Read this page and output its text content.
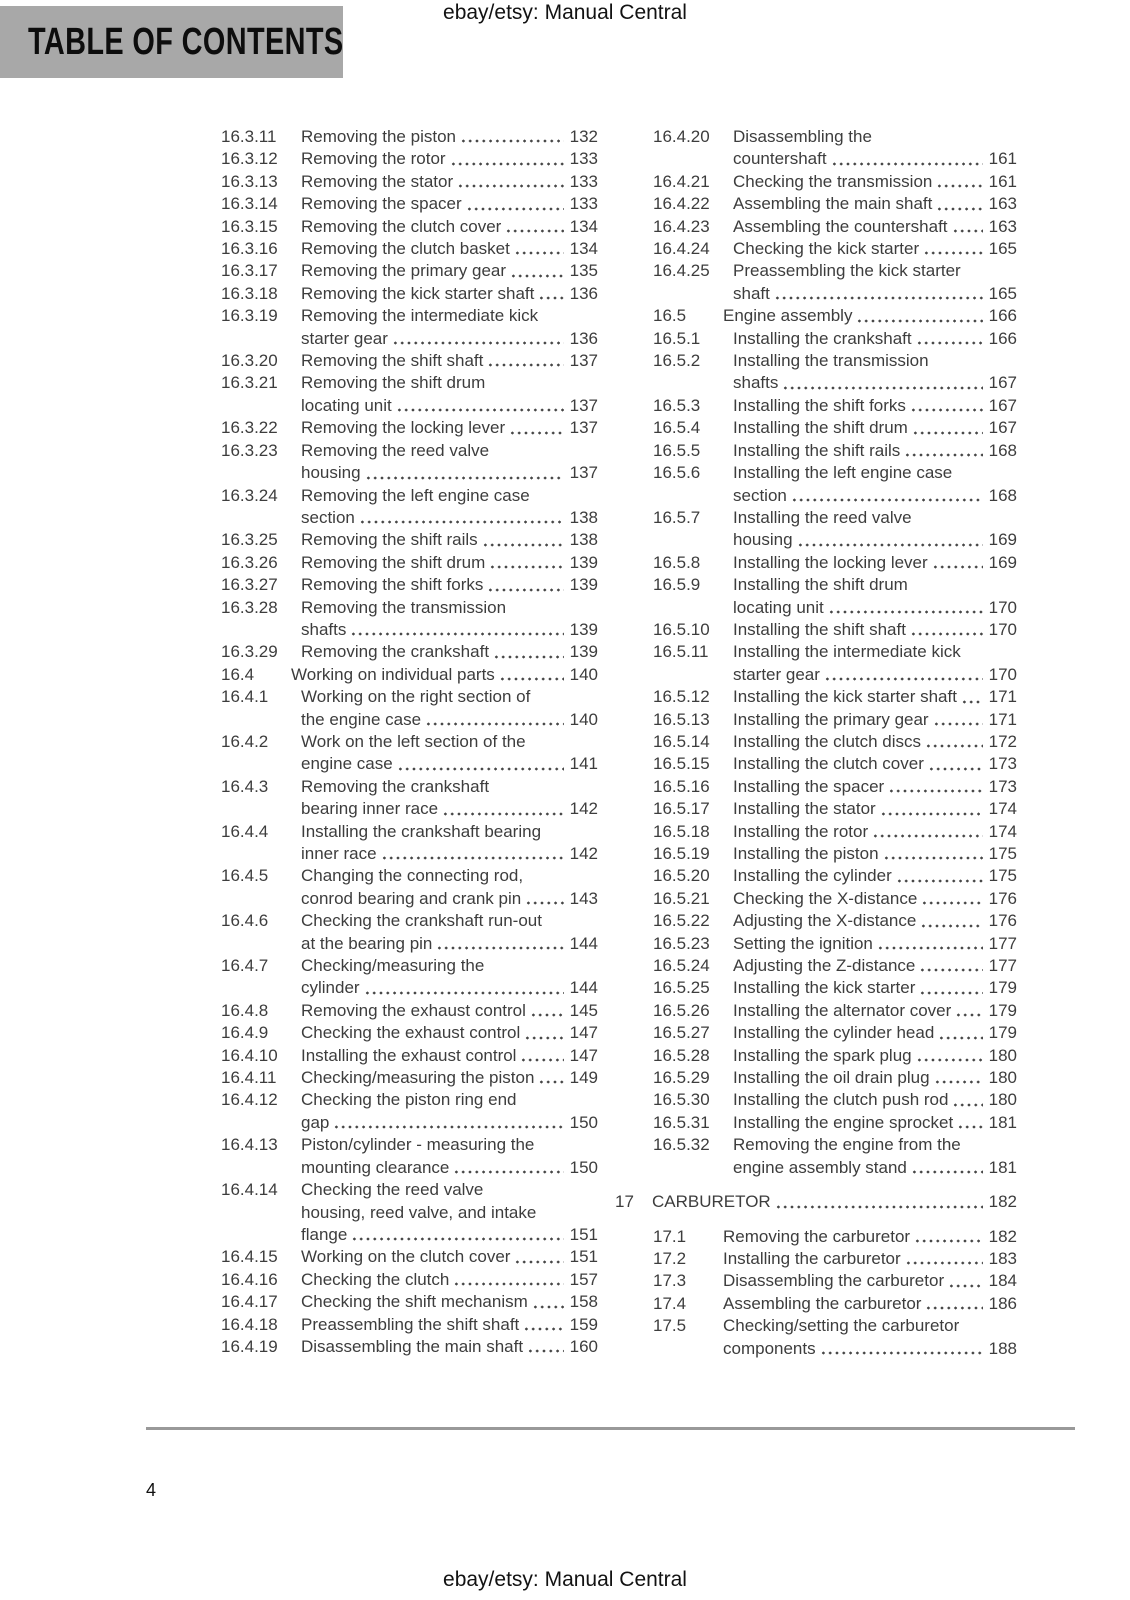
ebay/etsy: Manual Central
TABLE OF CONTENTS
16.3.11	Removing the piston	132
16.3.12	Removing the rotor	133
16.3.13	Removing the stator	133
16.3.14	Removing the spacer	133
16.3.15	Removing the clutch cover	134
16.3.16	Removing the clutch basket	134
16.3.17	Removing the primary gear	135
16.3.18	Removing the kick starter shaft 136
16.3.19	Removing the intermediate kick
starter gear	136
16.3.20	Removing the shift shaft	137
16.3.21	Removing the shift drum
locating unit	137
16.3.22	Removing the locking lever	137
16.3.23	Removing the reed valve
housing	137
16.3.24	Removing the left engine case
section	138
16.3.25	Removing the shift rails	138
16.3.26	Removing the shift drum	139
16.3.27	Removing the shift forks	139
16.3.28	Removing the transmission
shafts	139
16.3.29	Removing the crankshaft	139
16.4	Working on individual parts	140
16.4.1	Working on the right section of
the engine case	140
16.4.2	Work on the left section of the
engine case	141
16.4.3	Removing the crankshaft
bearing inner race	142
16.4.4	Installing the crankshaft bearing
inner race	142
16.4.5	Changing the connecting rod,
conrod bearing and crank pin	143
16.4.6	Checking the crankshaft run-out
at the bearing pin	144
16.4.7	Checking/measuring the
cylinder	144
16.4.8	Removing the exhaust control	145
16.4.9	Checking the exhaust control	147
16.4.10	Installing the exhaust control	147
16.4.11	Checking/measuring the piston 149
16.4.12	Checking the piston ring end
gap	150
16.4.13	Piston/cylinder - measuring the
mounting clearance	150
16.4.14	Checking the reed valve
housing, reed valve, and intake
flange	151
16.4.15	Working on the clutch cover	151
16.4.16	Checking the clutch	157
16.4.17	Checking the shift mechanism 158
16.4.18	Preassembling the shift shaft	159
16.4.19	Disassembling the main shaft	160
16.4.20	Disassembling the
countershaft	161
16.4.21	Checking the transmission	161
16.4.22	Assembling the main shaft	163
16.4.23	Assembling the countershaft 163
16.4.24	Checking the kick starter	165
16.4.25	Preassembling the kick starter
shaft	165
16.5	Engine assembly	166
16.5.1	Installing the crankshaft	166
16.5.2	Installing the transmission
shafts	167
16.5.3	Installing the shift forks	167
16.5.4	Installing the shift drum	167
16.5.5	Installing the shift rails	168
16.5.6	Installing the left engine case
section	168
16.5.7	Installing the reed valve
housing	169
16.5.8	Installing the locking lever	169
16.5.9	Installing the shift drum
locating unit	170
16.5.10	Installing the shift shaft	170
16.5.11	Installing the intermediate kick
starter gear	170
16.5.12	Installing the kick starter shaft 171
16.5.13	Installing the primary gear	171
16.5.14	Installing the clutch discs	172
16.5.15	Installing the clutch cover	173
16.5.16	Installing the spacer	173
16.5.17	Installing the stator	174
16.5.18	Installing the rotor	174
16.5.19	Installing the piston	175
16.5.20	Installing the cylinder	175
16.5.21	Checking the X-distance	176
16.5.22	Adjusting the X-distance	176
16.5.23	Setting the ignition	177
16.5.24	Adjusting the Z-distance	177
16.5.25	Installing the kick starter	179
16.5.26	Installing the alternator cover 179
16.5.27	Installing the cylinder head	179
16.5.28	Installing the spark plug	180
16.5.29	Installing the oil drain plug	180
16.5.30	Installing the clutch push rod 180
16.5.31	Installing the engine sprocket 181
16.5.32	Removing the engine from the
engine assembly stand	181
17	CARBURETOR	182
17.1	Removing the carburetor	182
17.2	Installing the carburetor	183
17.3	Disassembling the carburetor	184
17.4	Assembling the carburetor	186
17.5	Checking/setting the carburetor
components	188
4
ebay/etsy: Manual Central
